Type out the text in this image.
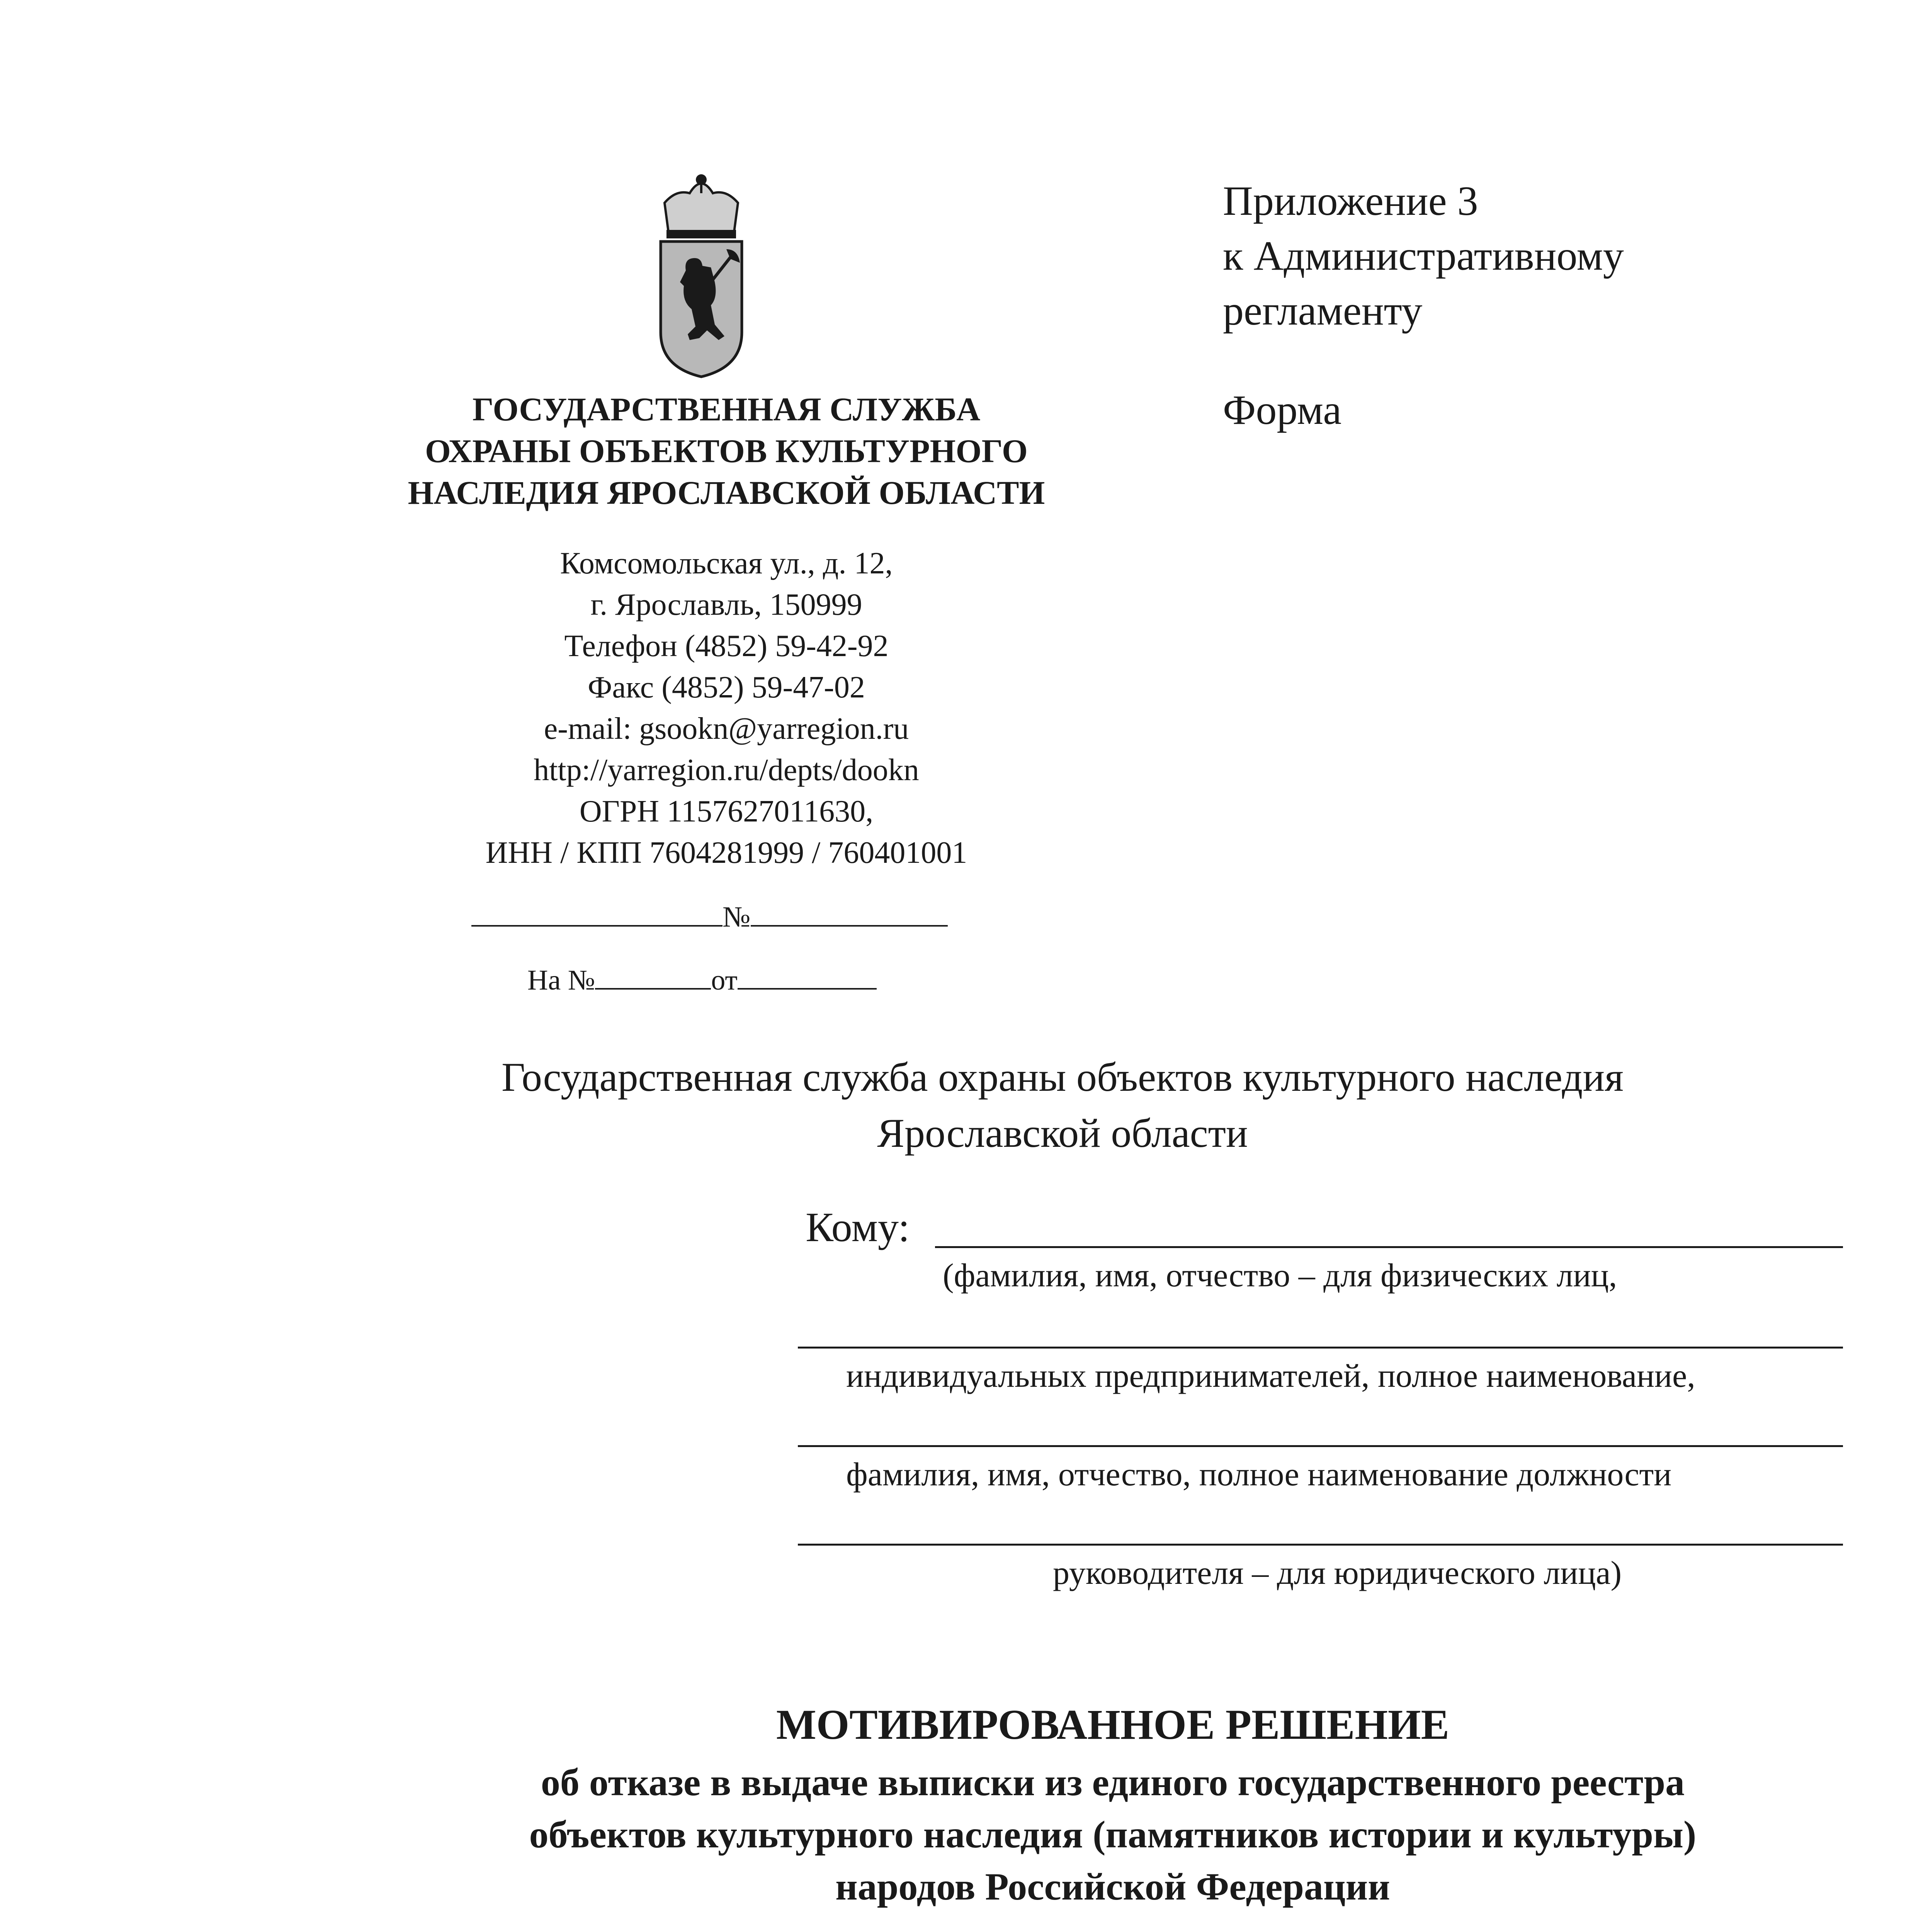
Приложение 3
к Административному
регламенту
Форма
ГОСУДАРСТВЕННАЯ СЛУЖБА
ОХРАНЫ ОБЪЕКТОВ КУЛЬТУРНОГО
НАСЛЕДИЯ ЯРОСЛАВСКОЙ ОБЛАСТИ
Комсомольская ул., д. 12,
г. Ярославль, 150999
Телефон (4852) 59-42-92
Факс (4852) 59-47-02
e-mail: gsookn@yarregion.ru
http://yarregion.ru/depts/dookn
ОГРН 1157627011630,
ИНН / КПП 7604281999 / 760401001
№
На №	от
Государственная служба охраны объектов культурного наследия
Ярославской области
Кому:
(фамилия, имя, отчество – для физических лиц,
индивидуальных предпринимателей, полное наименование,
фамилия, имя, отчество, полное наименование должности
руководителя – для юридического лица)
МОТИВИРОВАННОЕ РЕШЕНИЕ
об отказе в выдаче выписки из единого государственного реестра
объектов культурного наследия (памятников истории и культуры)
народов Российской Федерации
